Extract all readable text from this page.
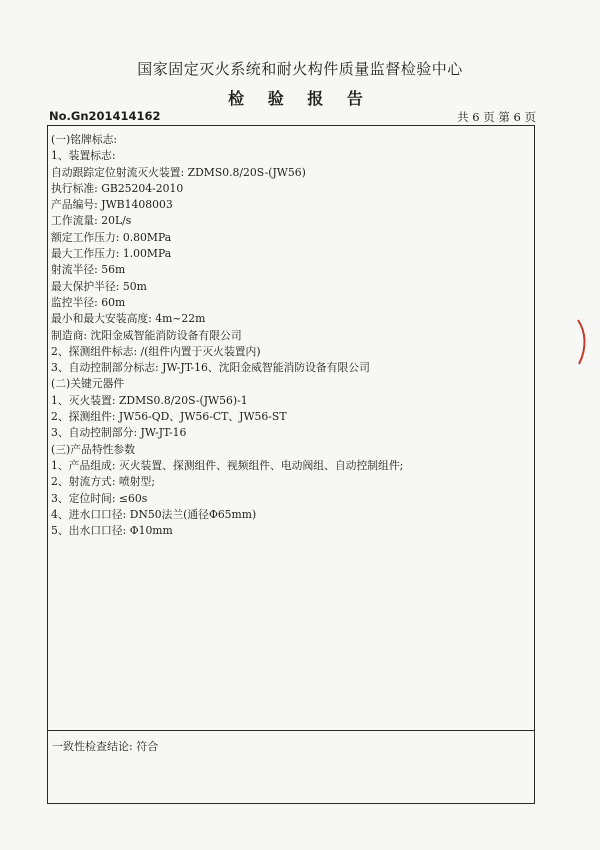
国家固定灭火系统和耐火构件质量监督检验中心
检 验 报 告
No.Gn201414162	共 6 页 第 6 页
(一)铭牌标志:
1、装置标志:
自动跟踪定位射流灭火装置: ZDMS0.8/20S-(JW56)
执行标准: GB25204-2010
产品编号: JWB1408003
工作流量: 20L/s
额定工作压力: 0.80MPa
最大工作压力: 1.00MPa
射流半径: 56m
最大保护半径: 50m
监控半径: 60m
最小和最大安装高度: 4m~22m
制造商: 沈阳金威智能消防设备有限公司
2、探测组件标志: /(组件内置于灭火装置内)
3、自动控制部分标志: JW-JT-16、沈阳金威智能消防设备有限公司
(二)关键元器件
1、灭火装置: ZDMS0.8/20S-(JW56)-1
2、探测组件: JW56-QD、JW56-CT、JW56-ST
3、自动控制部分: JW-JT-16
(三)产品特性参数
1、产品组成: 灭火装置、探测组件、视频组件、电动阀组、自动控制组件;
2、射流方式: 喷射型;
3、定位时间: ≤60s
4、进水口口径: DN50法兰(通径Φ65mm)
5、出水口口径: Φ10mm
一致性检查结论: 符合
